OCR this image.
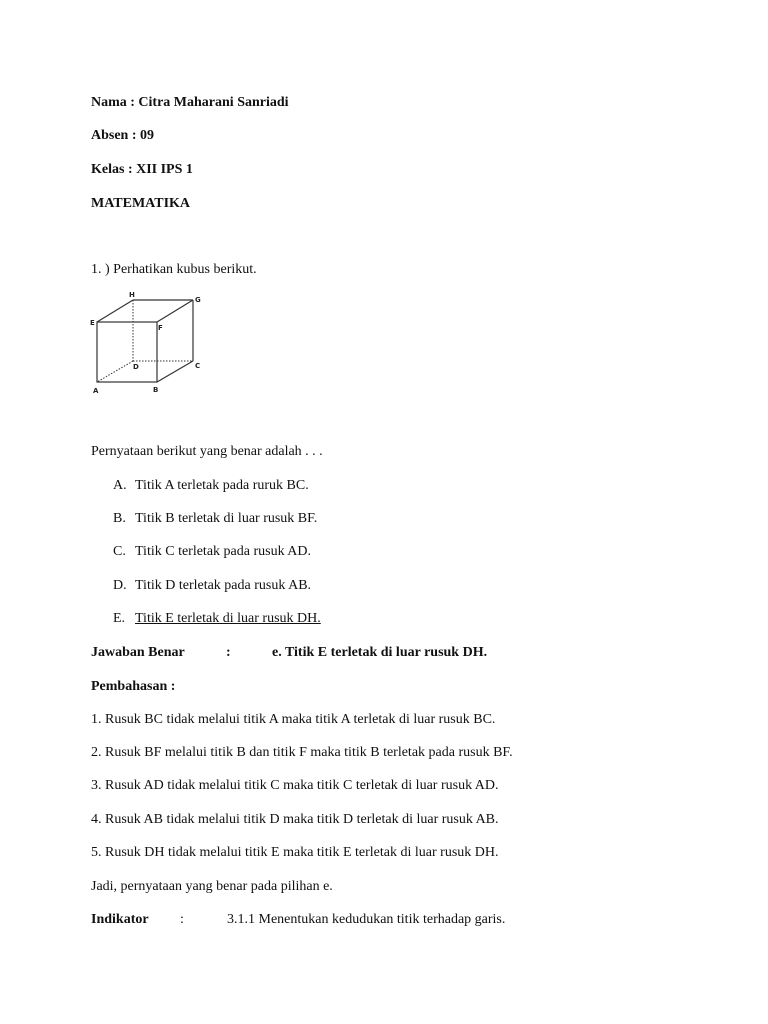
Nama : Citra Maharani Sanriadi
Absen : 09
Kelas : XII IPS 1
MATEMATIKA
1. ) Perhatikan kubus berikut.
H
G
E
F
D	C
A	B
Pernyataan berikut yang benar adalah . . .
A. Titik A terletak pada ruruk BC.
B. Titik B terletak di luar rusuk BF.
C. Titik C terletak pada rusuk AD.
D. Titik D terletak pada rusuk AB.
E. Titik E terletak di luar rusuk DH.
Jawaban Benar	:	e. Titik E terletak di luar rusuk DH.
Pembahasan :
1. Rusuk BC tidak melalui titik A maka titik A terletak di luar rusuk BC.
2. Rusuk BF melalui titik B dan titik F maka titik B terletak pada rusuk BF.
3. Rusuk AD tidak melalui titik C maka titik C terletak di luar rusuk AD.
4. Rusuk AB tidak melalui titik D maka titik D terletak di luar rusuk AB.
5. Rusuk DH tidak melalui titik E maka titik E terletak di luar rusuk DH.
Jadi, pernyataan yang benar pada pilihan e.
Indikator :	3.1.1 Menentukan kedudukan titik terhadap garis.
